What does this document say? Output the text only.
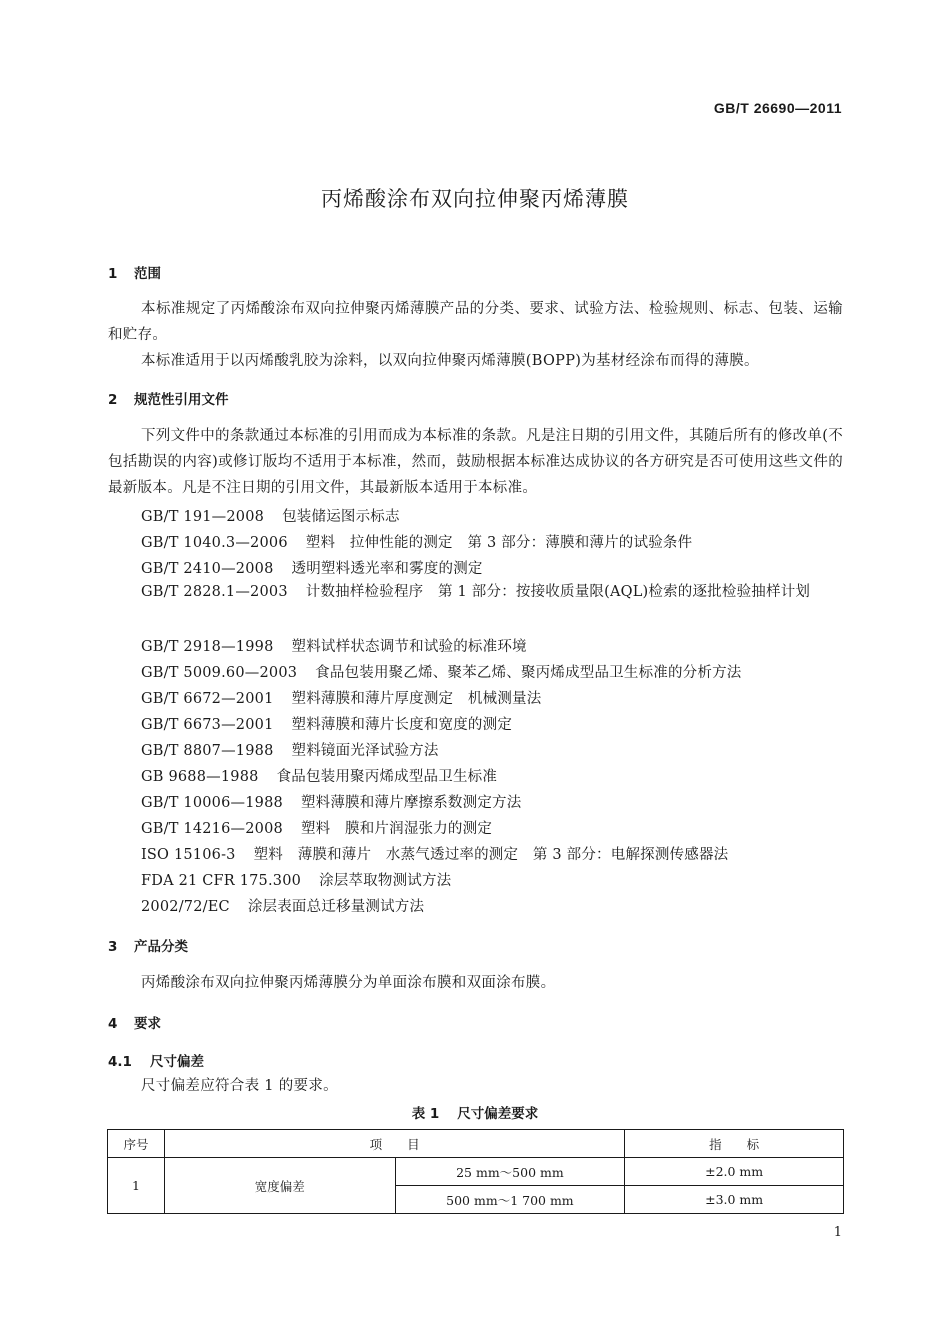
GB/T 26690—2011
丙烯酸涂布双向拉伸聚丙烯薄膜
1 范围
本标准规定了丙烯酸涂布双向拉伸聚丙烯薄膜产品的分类、要求、试验方法、检验规则、标志、包装、运输和贮存。
本标准适用于以丙烯酸乳胶为涂料，以双向拉伸聚丙烯薄膜(BOPP)为基材经涂布而得的薄膜。
2 规范性引用文件
下列文件中的条款通过本标准的引用而成为本标准的条款。凡是注日期的引用文件，其随后所有的修改单(不包括勘误的内容)或修订版均不适用于本标准，然而，鼓励根据本标准达成协议的各方研究是否可使用这些文件的最新版本。凡是不注日期的引用文件，其最新版本适用于本标准。
GB/T 191—2008 包装储运图示标志
GB/T 1040.3—2006 塑料　拉伸性能的测定　第 3 部分：薄膜和薄片的试验条件
GB/T 2410—2008 透明塑料透光率和雾度的测定
GB/T 2828.1—2003 计数抽样检验程序　第 1 部分：按接收质量限(AQL)检索的逐批检验抽样计划
GB/T 2918—1998 塑料试样状态调节和试验的标准环境
GB/T 5009.60—2003 食品包装用聚乙烯、聚苯乙烯、聚丙烯成型品卫生标准的分析方法
GB/T 6672—2001 塑料薄膜和薄片厚度测定　机械测量法
GB/T 6673—2001 塑料薄膜和薄片长度和宽度的测定
GB/T 8807—1988 塑料镜面光泽试验方法
GB 9688—1988 食品包装用聚丙烯成型品卫生标准
GB/T 10006—1988 塑料薄膜和薄片摩擦系数测定方法
GB/T 14216—2008 塑料　膜和片润湿张力的测定
ISO 15106-3 塑料　薄膜和薄片　水蒸气透过率的测定　第 3 部分：电解探测传感器法
FDA 21 CFR 175.300 涂层萃取物测试方法
2002/72/EC 涂层表面总迁移量测试方法
3 产品分类
丙烯酸涂布双向拉伸聚丙烯薄膜分为单面涂布膜和双面涂布膜。
4 要求
4.1 尺寸偏差
尺寸偏差应符合表 1 的要求。
表 1 尺寸偏差要求
序号	项　　目		指　　标
1	宽度偏差	25 mm～500 mm	±2.0 mm
		500 mm～1 700 mm	±3.0 mm
1
